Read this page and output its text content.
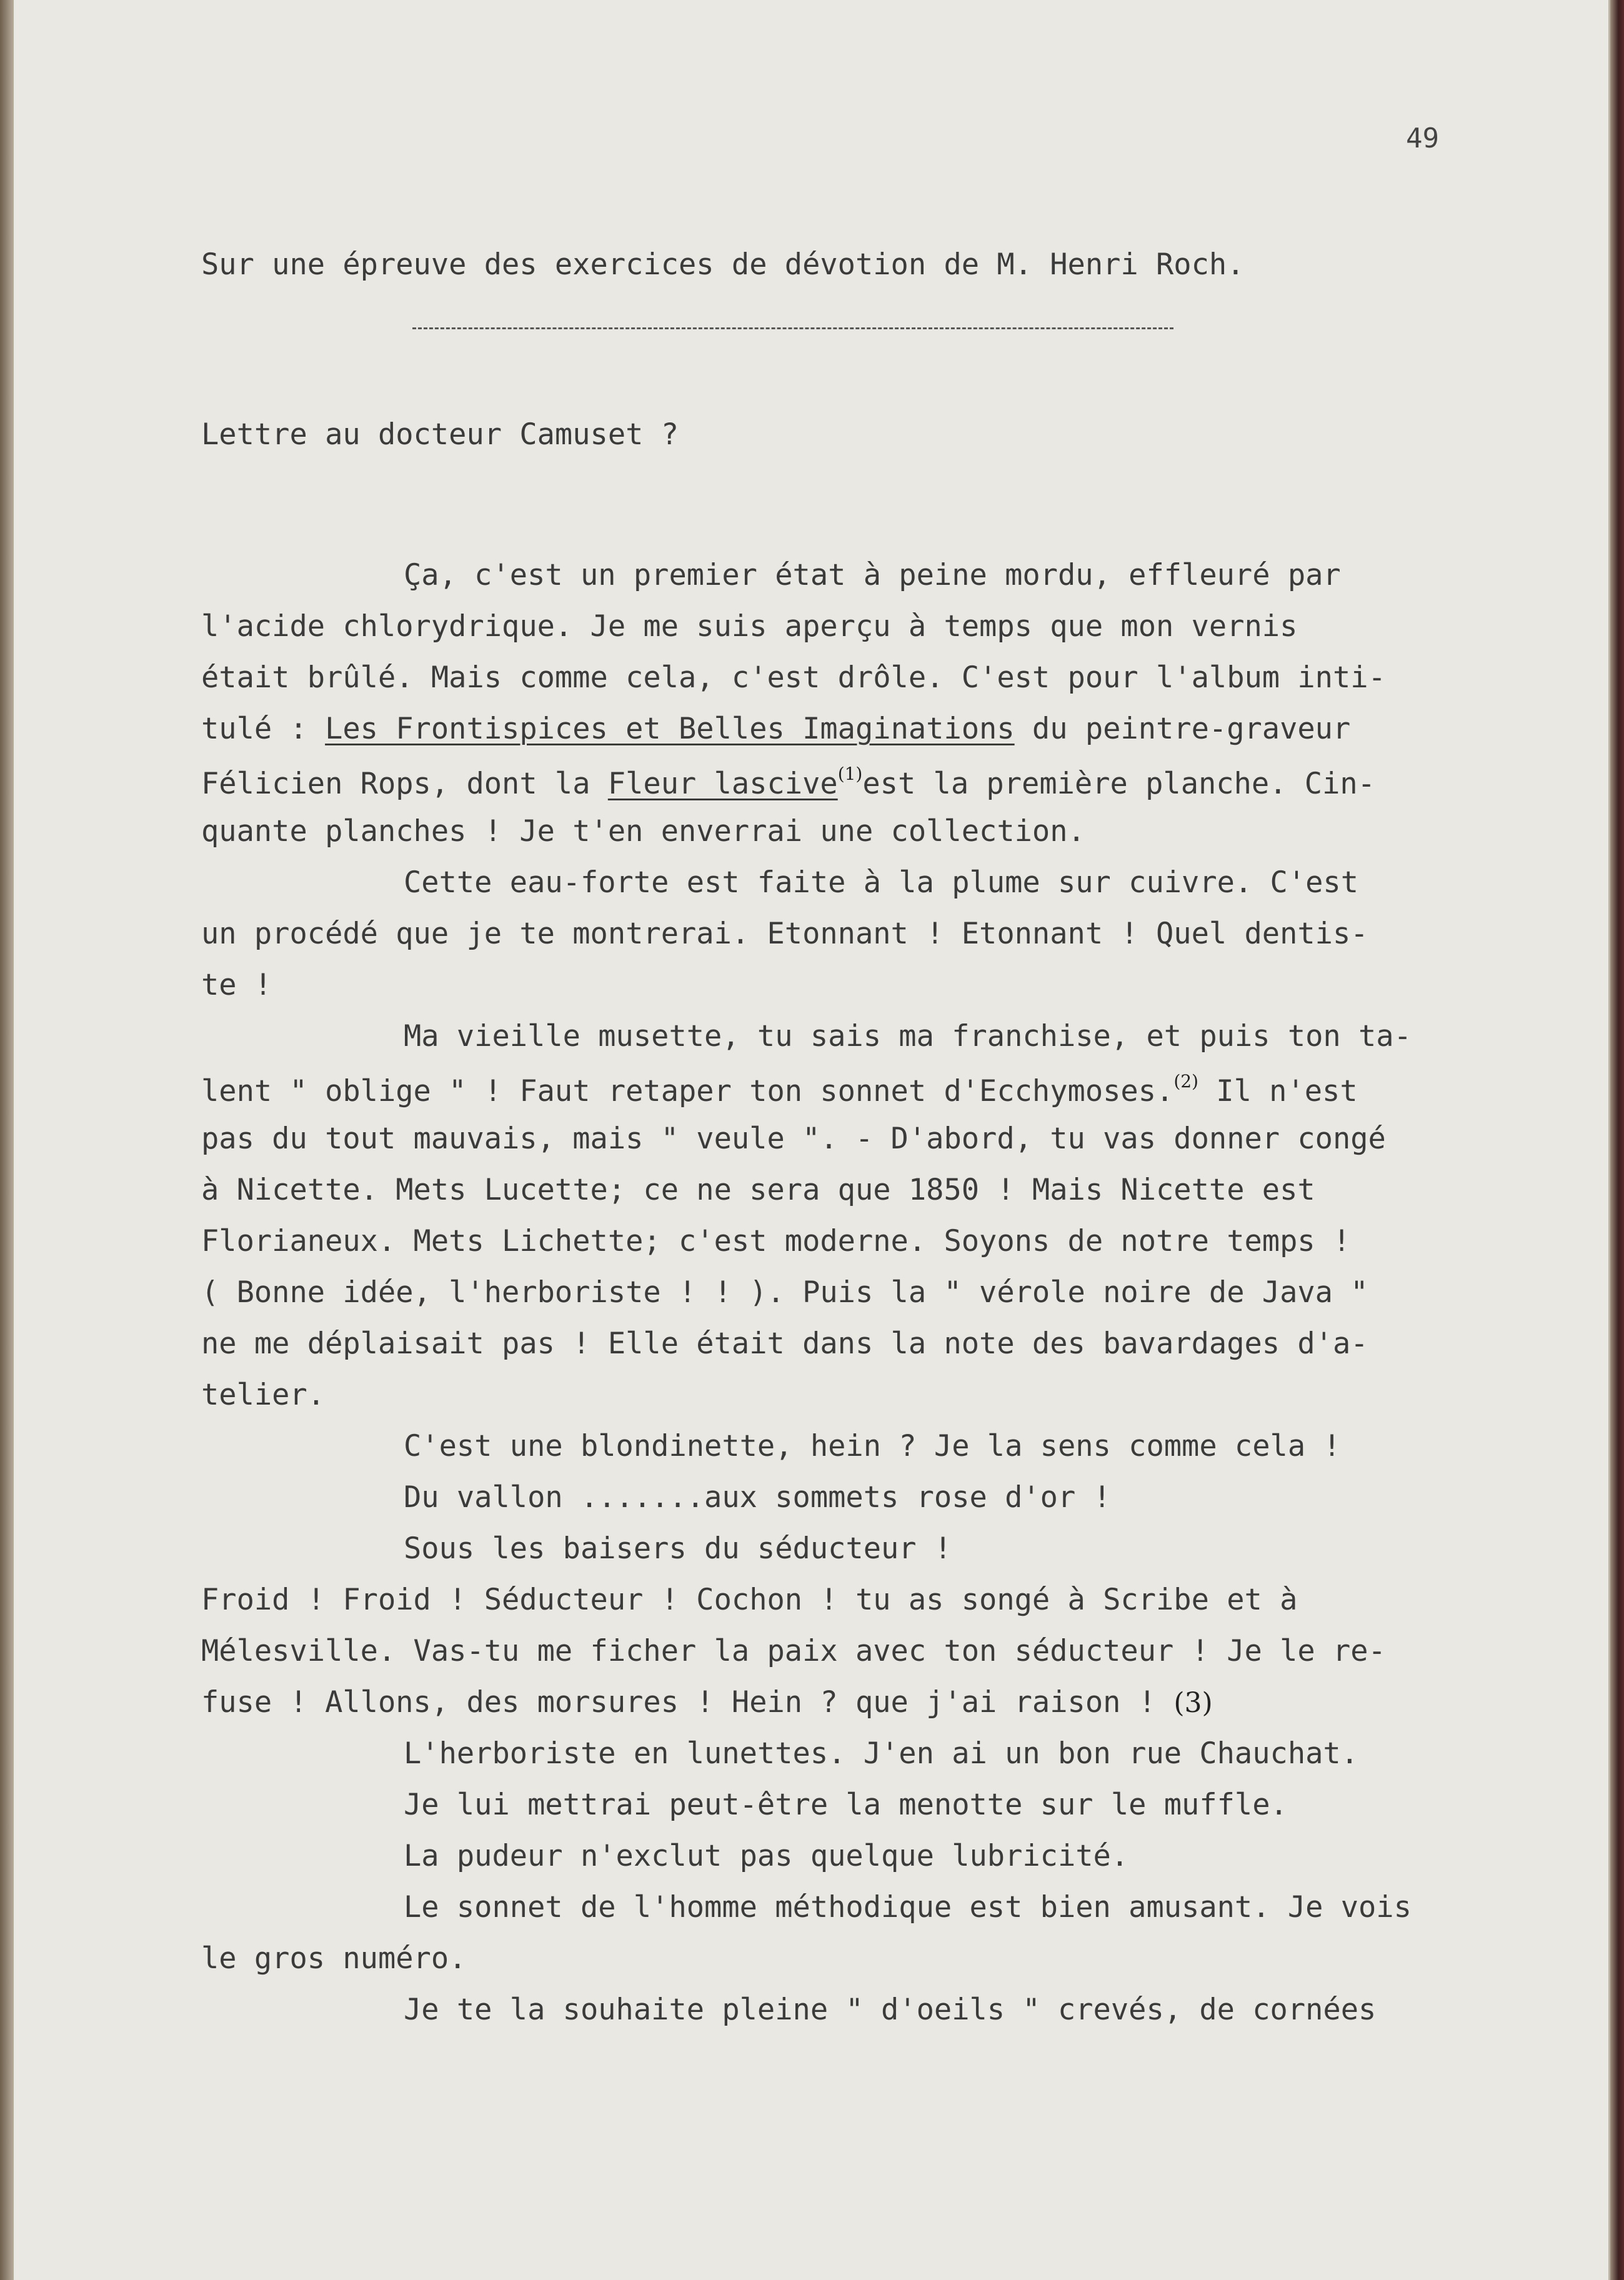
49
Sur une épreuve des exercices de dévotion de M. Henri Roch.
Lettre au docteur Camuset ?
Ça, c'est un premier état à peine mordu, effleuré par
l'acide chlorydrique. Je me suis aperçu à temps que mon vernis
était brûlé. Mais comme cela, c'est drôle. C'est pour l'album inti-
tulé : Les Frontispices et Belles Imaginations du peintre-graveur
Félicien Rops, dont la Fleur lascive$^{(1)}$est la première planche. Cin-
quante planches ! Je t'en enverrai une collection.
Cette eau-forte est faite à la plume sur cuivre. C'est
un procédé que je te montrerai. Etonnant ! Etonnant ! Quel dentis-
te !
Ma vieille musette, tu sais ma franchise, et puis ton ta-
lent " oblige " ! Faut retaper ton sonnet d'Ecchymoses.$^{(2)}$ Il n'est
pas du tout mauvais, mais " veule ". - D'abord, tu vas donner congé
à Nicette. Mets Lucette; ce ne sera que 1850 ! Mais Nicette est
Florianeux. Mets Lichette; c'est moderne. Soyons de notre temps !
( Bonne idée, l'herboriste ! ! ). Puis la " vérole noire de Java "
ne me déplaisait pas ! Elle était dans la note des bavardages d'a-
telier.
C'est une blondinette, hein ? Je la sens comme cela !
Du vallon .......aux sommets rose d'or !
Sous les baisers du séducteur !
Froid ! Froid ! Séducteur ! Cochon ! tu as songé à Scribe et à
Mélesville. Vas-tu me ficher la paix avec ton séducteur ! Je le re-
fuse ! Allons, des morsures ! Hein ? que j'ai raison ! (3)
L'herboriste en lunettes. J'en ai un bon rue Chauchat.
Je lui mettrai peut-être la menotte sur le muffle.
La pudeur n'exclut pas quelque lubricité.
Le sonnet de l'homme méthodique est bien amusant. Je vois
le gros numéro.
Je te la souhaite pleine " d'oeils " crevés, de cornées
